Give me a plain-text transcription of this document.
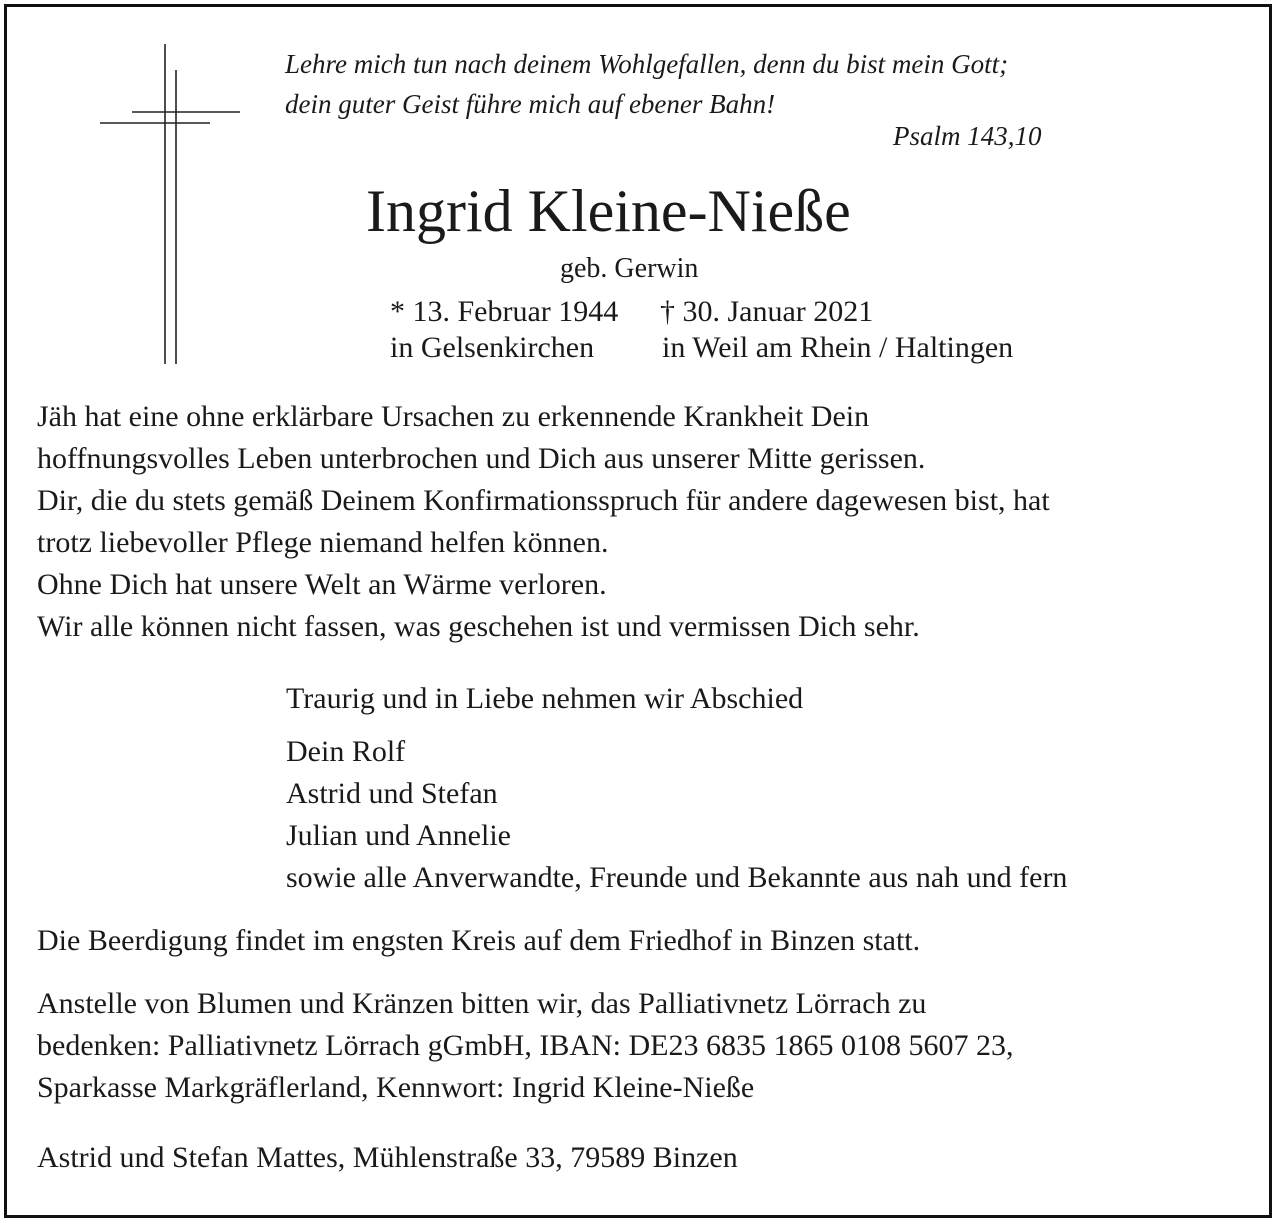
Lehre mich tun nach deinem Wohlgefallen, denn du bist mein Gott;
dein guter Geist führe mich auf ebener Bahn!
Psalm 143,10
Ingrid Kleine-Nieße
geb. Gerwin
* 13. Februar 1944 † 30. Januar 2021
in Gelsenkirchen in Weil am Rhein / Haltingen
Jäh hat eine ohne erklärbare Ursachen zu erkennende Krankheit Dein
hoffnungsvolles Leben unterbrochen und Dich aus unserer Mitte gerissen.
Dir, die du stets gemäß Deinem Konfirmationsspruch für andere dagewesen bist, hat
trotz liebevoller Pflege niemand helfen können.
Ohne Dich hat unsere Welt an Wärme verloren.
Wir alle können nicht fassen, was geschehen ist und vermissen Dich sehr.
Traurig und in Liebe nehmen wir Abschied
Dein Rolf
Astrid und Stefan
Julian und Annelie
sowie alle Anverwandte, Freunde und Bekannte aus nah und fern
Die Beerdigung findet im engsten Kreis auf dem Friedhof in Binzen statt.
Anstelle von Blumen und Kränzen bitten wir, das Palliativnetz Lörrach zu
bedenken: Palliativnetz Lörrach gGmbH, IBAN: DE23 6835 1865 0108 5607 23,
Sparkasse Markgräflerland, Kennwort: Ingrid Kleine-Nieße
Astrid und Stefan Mattes, Mühlenstraße 33, 79589 Binzen
